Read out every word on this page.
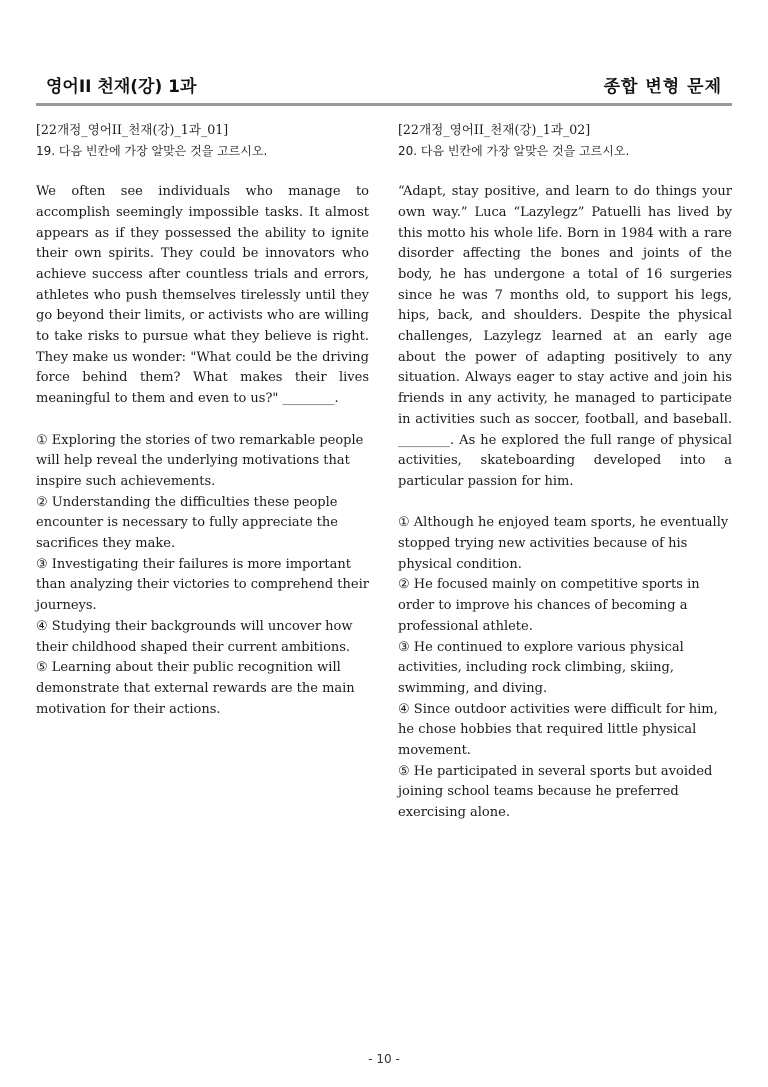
영어II 천재(강) 1과	종합 변형 문제
[22개정_영어II_천재(강)_1과_01]
19. 다음 빈칸에 가장 알맞은 것을 고르시오.
We often see individuals who manage to accomplish seemingly impossible tasks. It almost appears as if they possessed the ability to ignite their own spirits. They could be innovators who achieve success after countless trials and errors, athletes who push themselves tirelessly until they go beyond their limits, or activists who are willing to take risks to pursue what they believe is right. They make us wonder: "What could be the driving force behind them? What makes their lives meaningful to them and even to us?" ________.
① Exploring the stories of two remarkable people will help reveal the underlying motivations that inspire such achievements.
② Understanding the difficulties these people encounter is necessary to fully appreciate the sacrifices they make.
③ Investigating their failures is more important than analyzing their victories to comprehend their journeys.
④ Studying their backgrounds will uncover how their childhood shaped their current ambitions.
⑤ Learning about their public recognition will demonstrate that external rewards are the main motivation for their actions.
[22개정_영어II_천재(강)_1과_02]
20. 다음 빈칸에 가장 알맞은 것을 고르시오.
“Adapt, stay positive, and learn to do things your own way.” Luca “Lazylegz” Patuelli has lived by this motto his whole life. Born in 1984 with a rare disorder affecting the bones and joints of the body, he has undergone a total of 16 surgeries since he was 7 months old, to support his legs, hips, back, and shoulders. Despite the physical challenges, Lazylegz learned at an early age about the power of adapting positively to any situation. Always eager to stay active and join his friends in any activity, he managed to participate in activities such as soccer, football, and baseball. ________. As he explored the full range of physical activities, skateboarding developed into a particular passion for him.
① Although he enjoyed team sports, he eventually stopped trying new activities because of his physical condition.
② He focused mainly on competitive sports in order to improve his chances of becoming a professional athlete.
③ He continued to explore various physical activities, including rock climbing, skiing, swimming, and diving.
④ Since outdoor activities were difficult for him, he chose hobbies that required little physical movement.
⑤ He participated in several sports but avoided joining school teams because he preferred exercising alone.
- 10 -
